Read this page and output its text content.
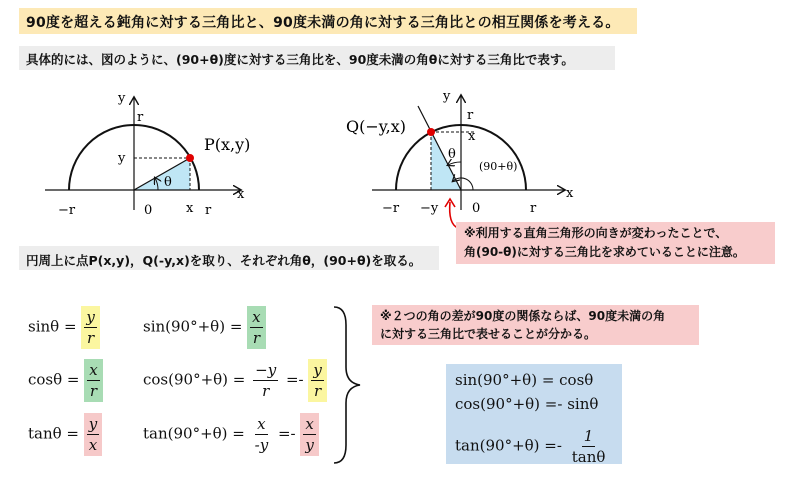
90度を超える鈍角に対する三角比と、90度未満の角に対する三角比との相互関係を考える。
具体的には、図のように、(90+θ)度に対する三角比を、90度未満の角θに対する三角比で表す。
y
r
y
P(x,y)
θ
x
−r	0	x r
y
r
x
Q(−y,x)
θ
(90+θ)
x
−r −y	0	r
※利用する直角三角形の向きが変わったことで、
角(90-θ)に対する三角比を求めていることに注意。
円周上に点P(x,y)，Q(-y,x)を取り、それぞれ角θ，(90+θ)を取る。
$\sin\theta = \frac{y}{r}$
$\cos\theta = \frac{x}{r}$
$\tan\theta = \frac{y}{x}$
$\sin(90^\circ+\theta) = \frac{x}{r}$
$\cos(90^\circ+\theta) = \frac{-y}{r} =- \frac{y}{r}$
$\tan(90^\circ+\theta) = \frac{x}{-y} =- \frac{x}{y}$
※２つの角の差が90度の関係ならば、90度未満の角
に対する三角比で表せることが分かる。
sin(90°+θ) = cosθ
cos(90°+θ) =- sinθ
$\tan(90^\circ+\theta) =- \frac{1}{\tan\theta}$
